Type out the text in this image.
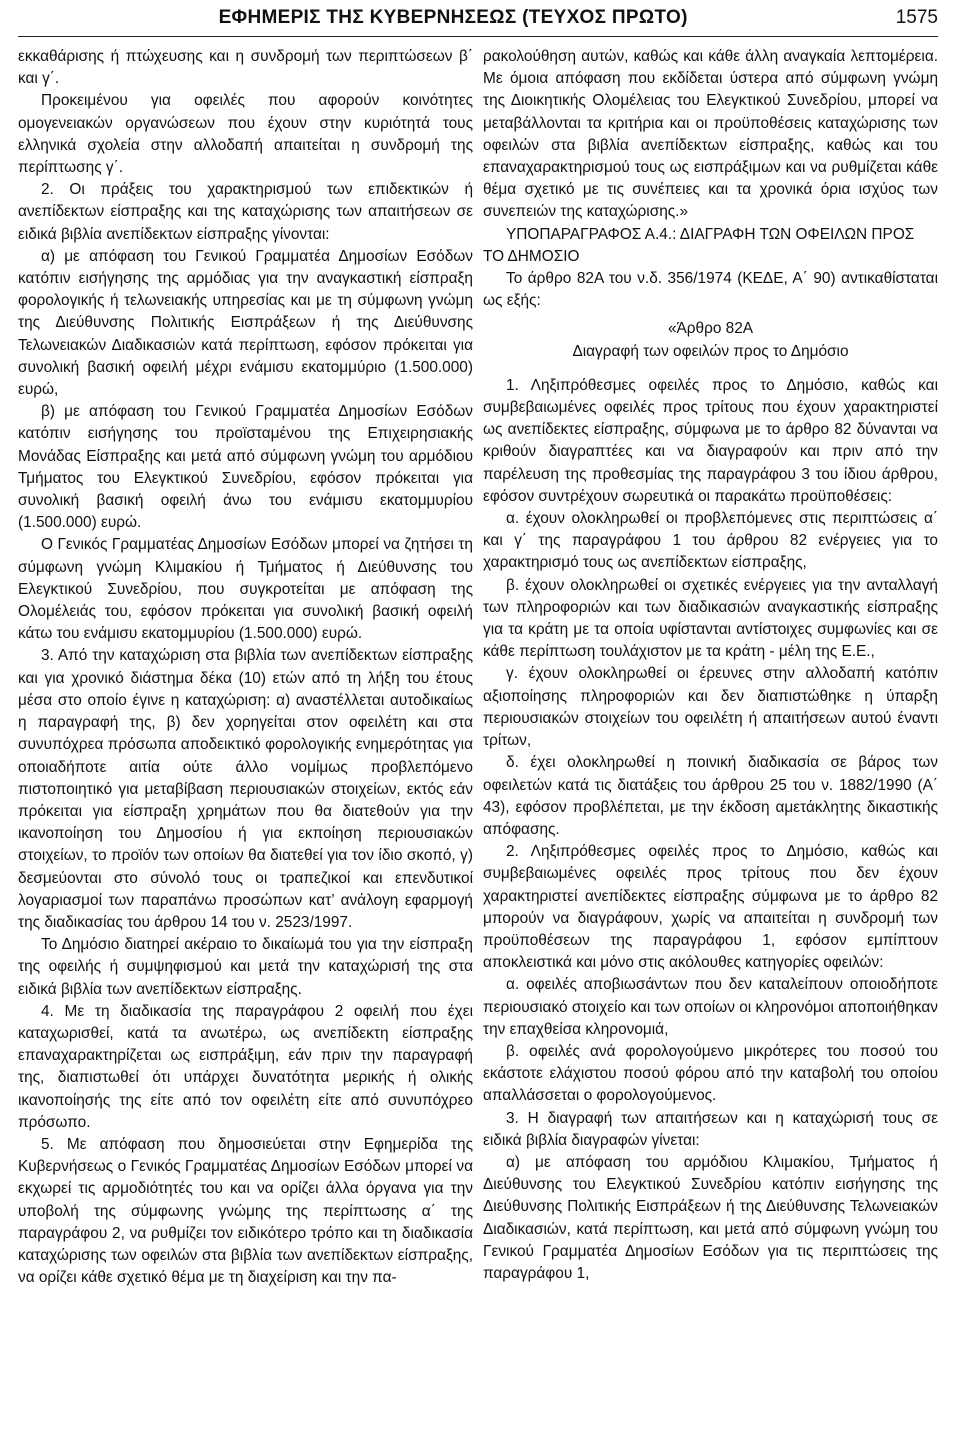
ΕΦΗΜΕΡΙΣ ΤΗΣ ΚΥΒΕΡΝΗΣΕΩΣ (ΤΕΥΧΟΣ ΠΡΩΤΟ)	1575

εκκαθάρισης ή πτώχευσης και η συνδρομή των περιπτώσεων β΄ και γ΄.

Προκειμένου για οφειλές που αφορούν κοινότητες ομογενειακών οργανώσεων που έχουν στην κυριότητά τους ελληνικά σχολεία στην αλλοδαπή απαιτείται η συνδρομή της περίπτωσης γ΄.

2. Οι πράξεις του χαρακτηρισμού των επιδεκτικών ή ανεπίδεκτων είσπραξης και της καταχώρισης των απαιτήσεων σε ειδικά βιβλία ανεπίδεκτων είσπραξης γίνονται:

α) με απόφαση του Γενικού Γραμματέα Δημοσίων Εσόδων κατόπιν εισήγησης της αρμόδιας για την αναγκαστική είσπραξη φορολογικής ή τελωνειακής υπηρεσίας και με τη σύμφωνη γνώμη της Διεύθυνσης Πολιτικής Εισπράξεων ή της Διεύθυνσης Τελωνειακών Διαδικασιών κατά περίπτωση, εφόσον πρόκειται για συνολική βασική οφειλή μέχρι ενάμισυ εκατομμύριο (1.500.000) ευρώ,

β) με απόφαση του Γενικού Γραμματέα Δημοσίων Εσόδων κατόπιν εισήγησης του προϊσταμένου της Επιχειρησιακής Μονάδας Είσπραξης και μετά από σύμφωνη γνώμη του αρμόδιου Τμήματος του Ελεγκτικού Συνεδρίου, εφόσον πρόκειται για συνολική βασική οφειλή άνω του ενάμισυ εκατομμυρίου (1.500.000) ευρώ.

Ο Γενικός Γραμματέας Δημοσίων Εσόδων μπορεί να ζητήσει τη σύμφωνη γνώμη Κλιμακίου ή Τμήματος ή Διεύθυνσης του Ελεγκτικού Συνεδρίου, που συγκροτείται με απόφαση της Ολομέλειάς του, εφόσον πρόκειται για συνολική βασική οφειλή κάτω του ενάμισυ εκατομμυρίου (1.500.000) ευρώ.

3. Από την καταχώριση στα βιβλία των ανεπίδεκτων είσπραξης και για χρονικό διάστημα δέκα (10) ετών από τη λήξη του έτους μέσα στο οποίο έγινε η καταχώριση: α) αναστέλλεται αυτοδικαίως η παραγραφή της, β) δεν χορηγείται στον οφειλέτη και στα συνυπόχρεα πρόσωπα αποδεικτικό φορολογικής ενημερότητας για οποιαδήποτε αιτία ούτε άλλο νομίμως προβλεπόμενο πιστοποιητικό για μεταβίβαση περιουσιακών στοιχείων, εκτός εάν πρόκειται για είσπραξη χρημάτων που θα διατεθούν για την ικανοποίηση του Δημοσίου ή για εκποίηση περιουσιακών στοιχείων, το προϊόν των οποίων θα διατεθεί για τον ίδιο σκοπό, γ) δεσμεύονται στο σύνολό τους οι τραπεζικοί και επενδυτικοί λογαριασμοί των παραπάνω προσώπων κατ’ ανάλογη εφαρμογή της διαδικασίας του άρθρου 14 του ν. 2523/1997.

Το Δημόσιο διατηρεί ακέραιο το δικαίωμά του για την είσπραξη της οφειλής ή συμψηφισμού και μετά την καταχώρισή της στα ειδικά βιβλία των ανεπίδεκτων είσπραξης.

4. Με τη διαδικασία της παραγράφου 2 οφειλή που έχει καταχωρισθεί, κατά τα ανωτέρω, ως ανεπίδεκτη είσπραξης επαναχαρακτηρίζεται ως εισπράξιμη, εάν πριν την παραγραφή της, διαπιστωθεί ότι υπάρχει δυνατότητα μερικής ή ολικής ικανοποίησής της είτε από τον οφειλέτη είτε από συνυπόχρεο πρόσωπο.

5. Με απόφαση που δημοσιεύεται στην Εφημερίδα της Κυβερνήσεως ο Γενικός Γραμματέας Δημοσίων Εσόδων μπορεί να εκχωρεί τις αρμοδιότητές του και να ορίζει άλλα όργανα για την υποβολή της σύμφωνης γνώμης της περίπτωσης α΄ της παραγράφου 2, να ρυθμίζει τον ειδικότερο τρόπο και τη διαδικασία καταχώρισης των οφειλών στα βιβλία των ανεπίδεκτων είσπραξης, να ορίζει κάθε σχετικό θέμα με τη διαχείριση και την πα-

ρακολούθηση αυτών, καθώς και κάθε άλλη αναγκαία λεπτομέρεια. Με όμοια απόφαση που εκδίδεται ύστερα από σύμφωνη γνώμη της Διοικητικής Ολομέλειας του Ελεγκτικού Συνεδρίου, μπορεί να μεταβάλλονται τα κριτήρια και οι προϋποθέσεις καταχώρισης των οφειλών στα βιβλία ανεπίδεκτων είσπραξης, καθώς και του επαναχαρακτηρισμού τους ως εισπράξιμων και να ρυθμίζεται κάθε θέμα σχετικό με τις συνέπειες και τα χρονικά όρια ισχύος των συνεπειών της καταχώρισης.»

ΥΠΟΠΑΡΑΓΡΑΦΟΣ Α.4.: ΔΙΑΓΡΑΦΗ ΤΩΝ ΟΦΕΙΛΩΝ ΠΡΟΣ ΤΟ ΔΗΜΟΣΙΟ

Το άρθρο 82Α του ν.δ. 356/1974 (ΚΕΔΕ, Α΄ 90) αντικαθίσταται ως εξής:

«Άρθρο 82Α

Διαγραφή των οφειλών προς το Δημόσιο

1. Ληξιπρόθεσμες οφειλές προς το Δημόσιο, καθώς και συμβεβαιωμένες οφειλές προς τρίτους που έχουν χαρακτηριστεί ως ανεπίδεκτες είσπραξης, σύμφωνα με το άρθρο 82 δύνανται να κριθούν διαγραπτέες και να διαγραφούν και πριν από την παρέλευση της προθεσμίας της παραγράφου 3 του ίδιου άρθρου, εφόσον συντρέχουν σωρευτικά οι παρακάτω προϋποθέσεις:

α. έχουν ολοκληρωθεί οι προβλεπόμενες στις περιπτώσεις α΄ και γ΄ της παραγράφου 1 του άρθρου 82 ενέργειες για το χαρακτηρισμό τους ως ανεπίδεκτων είσπραξης,

β. έχουν ολοκληρωθεί οι σχετικές ενέργειες για την ανταλλαγή των πληροφοριών και των διαδικασιών αναγκαστικής είσπραξης για τα κράτη με τα οποία υφίστανται αντίστοιχες συμφωνίες και σε κάθε περίπτωση τουλάχιστον με τα κράτη - μέλη της Ε.Ε.,

γ. έχουν ολοκληρωθεί οι έρευνες στην αλλοδαπή κατόπιν αξιοποίησης πληροφοριών και δεν διαπιστώθηκε η ύπαρξη περιουσιακών στοιχείων του οφειλέτη ή απαιτήσεων αυτού έναντι τρίτων,

δ. έχει ολοκληρωθεί η ποινική διαδικασία σε βάρος των οφειλετών κατά τις διατάξεις του άρθρου 25 του ν. 1882/1990 (Α΄ 43), εφόσον προβλέπεται, με την έκδοση αμετάκλητης δικαστικής απόφασης.

2. Ληξιπρόθεσμες οφειλές προς το Δημόσιο, καθώς και συμβεβαιωμένες οφειλές προς τρίτους που δεν έχουν χαρακτηριστεί ανεπίδεκτες είσπραξης σύμφωνα με το άρθρο 82 μπορούν να διαγράφουν, χωρίς να απαιτείται η συνδρομή των προϋποθέσεων της παραγράφου 1, εφόσον εμπίπτουν αποκλειστικά και μόνο στις ακόλουθες κατηγορίες οφειλών:

α. οφειλές αποβιωσάντων που δεν καταλείπουν οποιοδήποτε περιουσιακό στοιχείο και των οποίων οι κληρονόμοι αποποιήθηκαν την επαχθείσα κληρονομιά,

β. οφειλές ανά φορολογούμενο μικρότερες του ποσού του εκάστοτε ελάχιστου ποσού φόρου από την καταβολή του οποίου απαλλάσσεται ο φορολογούμενος.

3. Η διαγραφή των απαιτήσεων και η καταχώρισή τους σε ειδικά βιβλία διαγραφών γίνεται:

α) με απόφαση του αρμόδιου Κλιμακίου, Τμήματος ή Διεύθυνσης του Ελεγκτικού Συνεδρίου κατόπιν εισήγησης της Διεύθυνσης Πολιτικής Εισπράξεων ή της Διεύθυνσης Τελωνειακών Διαδικασιών, κατά περίπτωση, και μετά από σύμφωνη γνώμη του Γενικού Γραμματέα Δημοσίων Εσόδων για τις περιπτώσεις της παραγράφου 1,
